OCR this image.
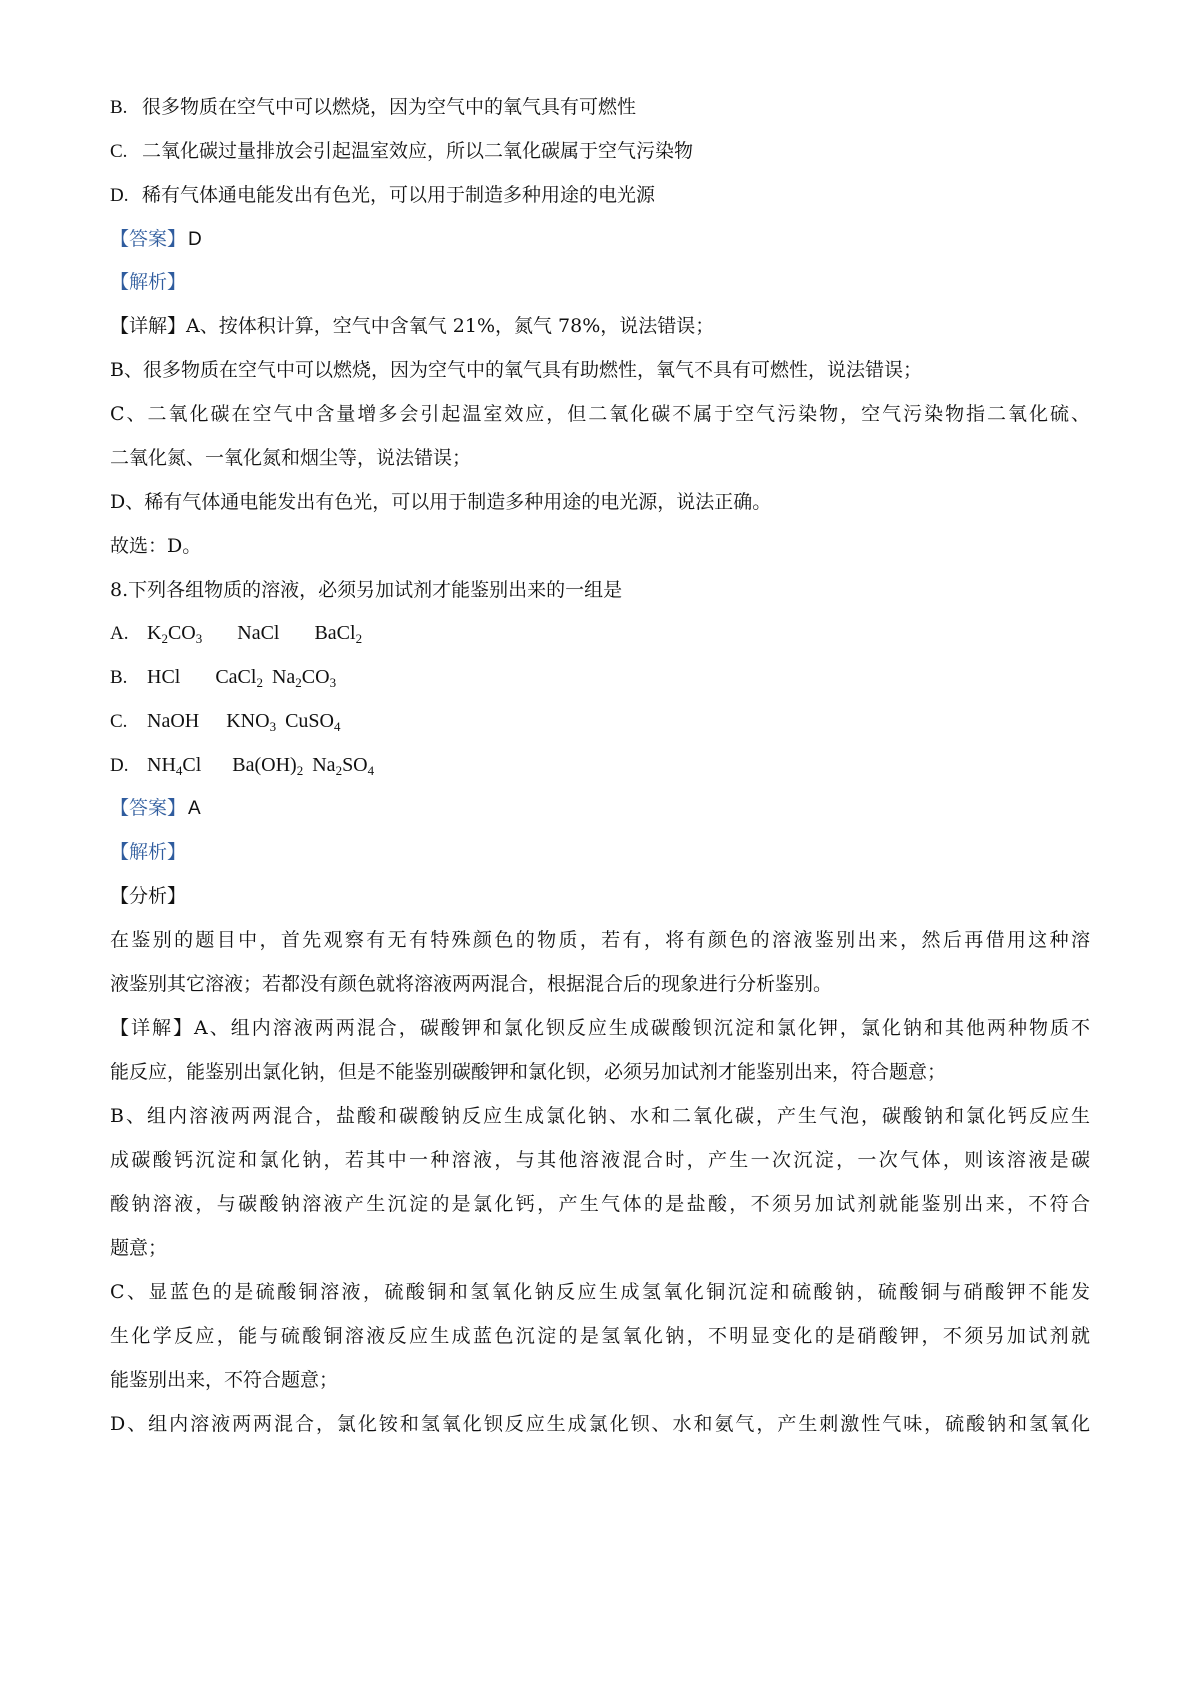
B. 很多物质在空气中可以燃烧，因为空气中的氧气具有可燃性
C. 二氧化碳过量排放会引起温室效应，所以二氧化碳属于空气污染物
D. 稀有气体通电能发出有色光，可以用于制造多种用途的电光源
【答案】 D
【解析】
【详解】A、按体积计算，空气中含氧气 21%，氮气 78%，说法错误；
B、很多物质在空气中可以燃烧，因为空气中的氧气具有助燃性，氧气不具有可燃性，说法错误；
C、二氧化碳在空气中含量增多会引起温室效应，但二氧化碳不属于空气污染物，空气污染物指二氧化硫、
二氧化氮、一氧化氮和烟尘等，说法错误；
D、稀有气体通电能发出有色光，可以用于制造多种用途的电光源，说法正确。
故选：D。
8.下列各组物质的溶液，必须另加试剂才能鉴别出来的一组是
A. $K_2CO_3$ NaCl BaCl$_2$
B. HCl CaCl$_2$ $Na_2CO_3$
C. NaOH $KNO_3$ CuSO$_4$
D. $NH_4Cl$ $Ba(OH)_2$ $Na_2SO_4$
【答案】 A
【解析】
【分析】
在鉴别的题目中，首先观察有无有特殊颜色的物质，若有，将有颜色的溶液鉴别出来，然后再借用这种溶
液鉴别其它溶液；若都没有颜色就将溶液两两混合，根据混合后的现象进行分析鉴别。
【详解】A、组内溶液两两混合，碳酸钾和氯化钡反应生成碳酸钡沉淀和氯化钾，氯化钠和其他两种物质不
能反应，能鉴别出氯化钠，但是不能鉴别碳酸钾和氯化钡，必须另加试剂才能鉴别出来，符合题意；
B、组内溶液两两混合，盐酸和碳酸钠反应生成氯化钠、水和二氧化碳，产生气泡，碳酸钠和氯化钙反应生
成碳酸钙沉淀和氯化钠，若其中一种溶液，与其他溶液混合时，产生一次沉淀，一次气体，则该溶液是碳
酸钠溶液，与碳酸钠溶液产生沉淀的是氯化钙，产生气体的是盐酸，不须另加试剂就能鉴别出来，不符合
题意；
C、显蓝色的是硫酸铜溶液，硫酸铜和氢氧化钠反应生成氢氧化铜沉淀和硫酸钠，硫酸铜与硝酸钾不能发
生化学反应，能与硫酸铜溶液反应生成蓝色沉淀的是氢氧化钠，不明显变化的是硝酸钾，不须另加试剂就
能鉴别出来，不符合题意；
D、组内溶液两两混合，氯化铵和氢氧化钡反应生成氯化钡、水和氨气，产生刺激性气味，硫酸钠和氢氧化
